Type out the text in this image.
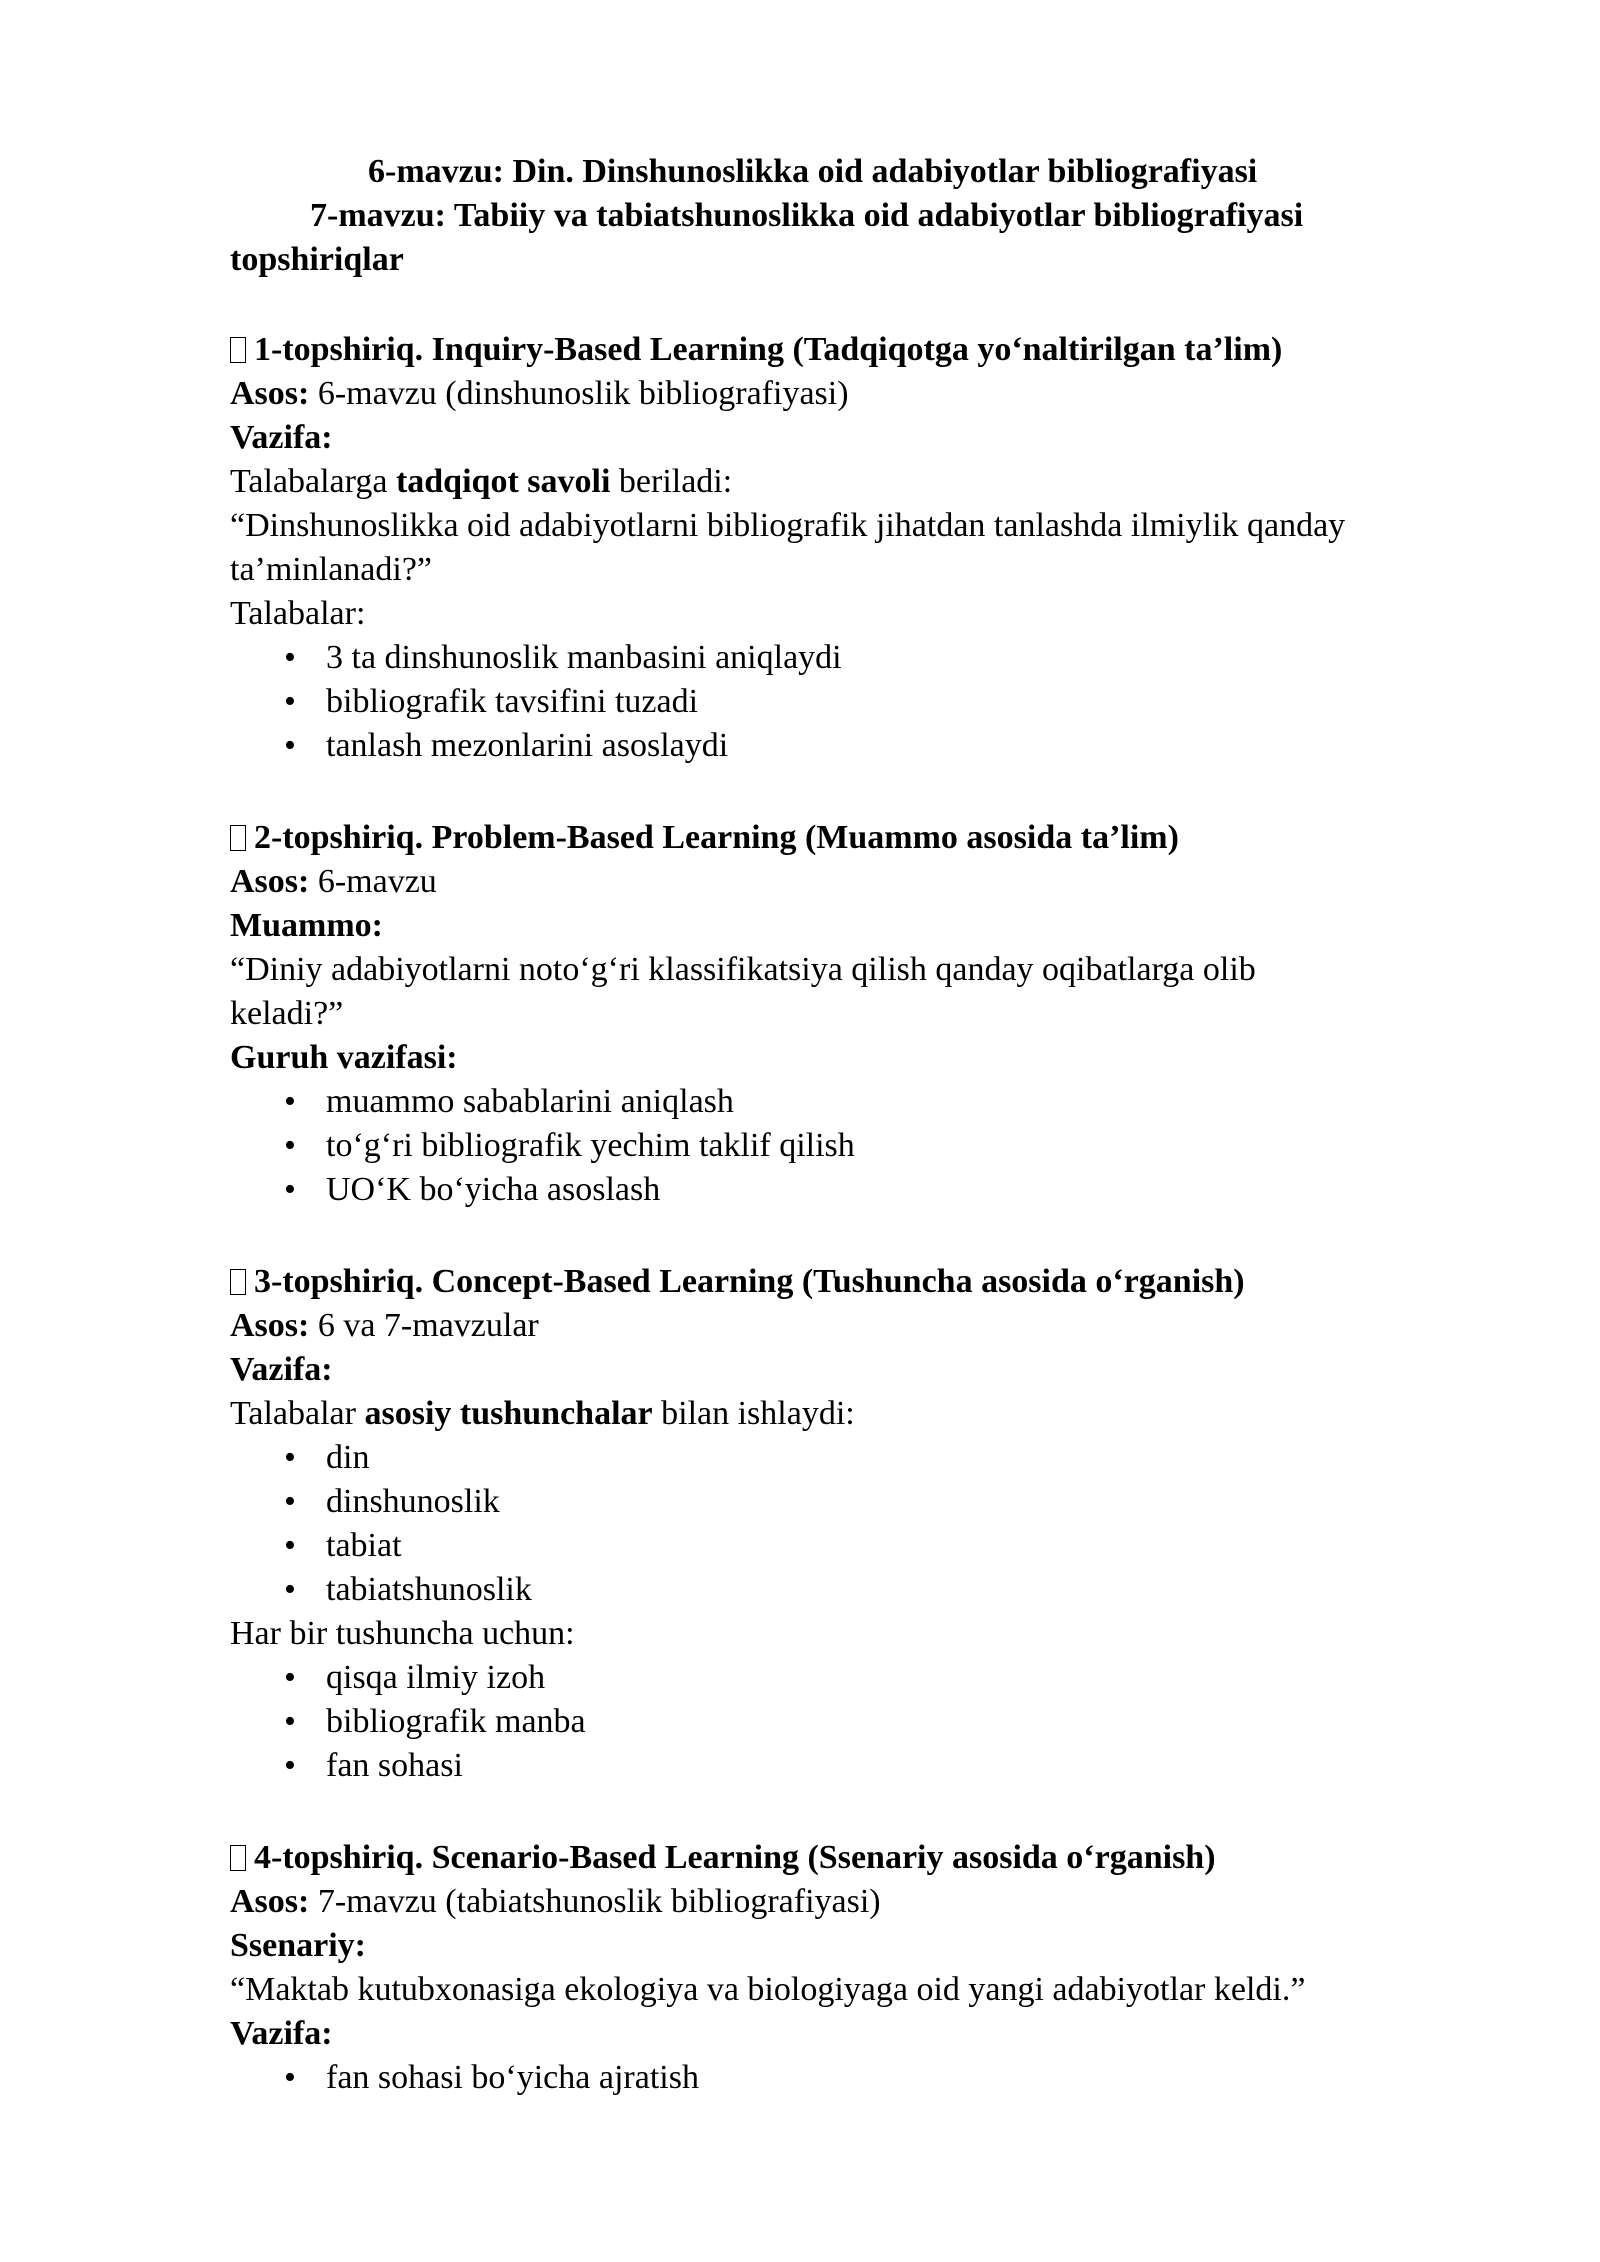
6-mavzu: Din. Dinshunoslikka oid adabiyotlar bibliografiyasi
7-mavzu: Tabiiy va tabiatshunoslikka oid adabiyotlar bibliografiyasi
topshiriqlar
1-topshiriq. Inquiry-Based Learning (Tadqiqotga yo‘naltirilgan ta’lim)
Asos: 6-mavzu (dinshunoslik bibliografiyasi)
Vazifa:
Talabalarga tadqiqot savoli beriladi:
“Dinshunoslikka oid adabiyotlarni bibliografik jihatdan tanlashda ilmiylik qanday
ta’minlanadi?”
Talabalar:
• 3 ta dinshunoslik manbasini aniqlaydi
• bibliografik tavsifini tuzadi
• tanlash mezonlarini asoslaydi
2-topshiriq. Problem-Based Learning (Muammo asosida ta’lim)
Asos: 6-mavzu
Muammo:
“Diniy adabiyotlarni noto‘g‘ri klassifikatsiya qilish qanday oqibatlarga olib
keladi?”
Guruh vazifasi:
• muammo sabablarini aniqlash
• to‘g‘ri bibliografik yechim taklif qilish
• UO‘K bo‘yicha asoslash
3-topshiriq. Concept-Based Learning (Tushuncha asosida o‘rganish)
Asos: 6 va 7-mavzular
Vazifa:
Talabalar asosiy tushunchalar bilan ishlaydi:
• din
• dinshunoslik
• tabiat
• tabiatshunoslik
Har bir tushuncha uchun:
• qisqa ilmiy izoh
• bibliografik manba
• fan sohasi
4-topshiriq. Scenario-Based Learning (Ssenariy asosida o‘rganish)
Asos: 7-mavzu (tabiatshunoslik bibliografiyasi)
Ssenariy:
“Maktab kutubxonasiga ekologiya va biologiyaga oid yangi adabiyotlar keldi.”
Vazifa:
• fan sohasi bo‘yicha ajratish
